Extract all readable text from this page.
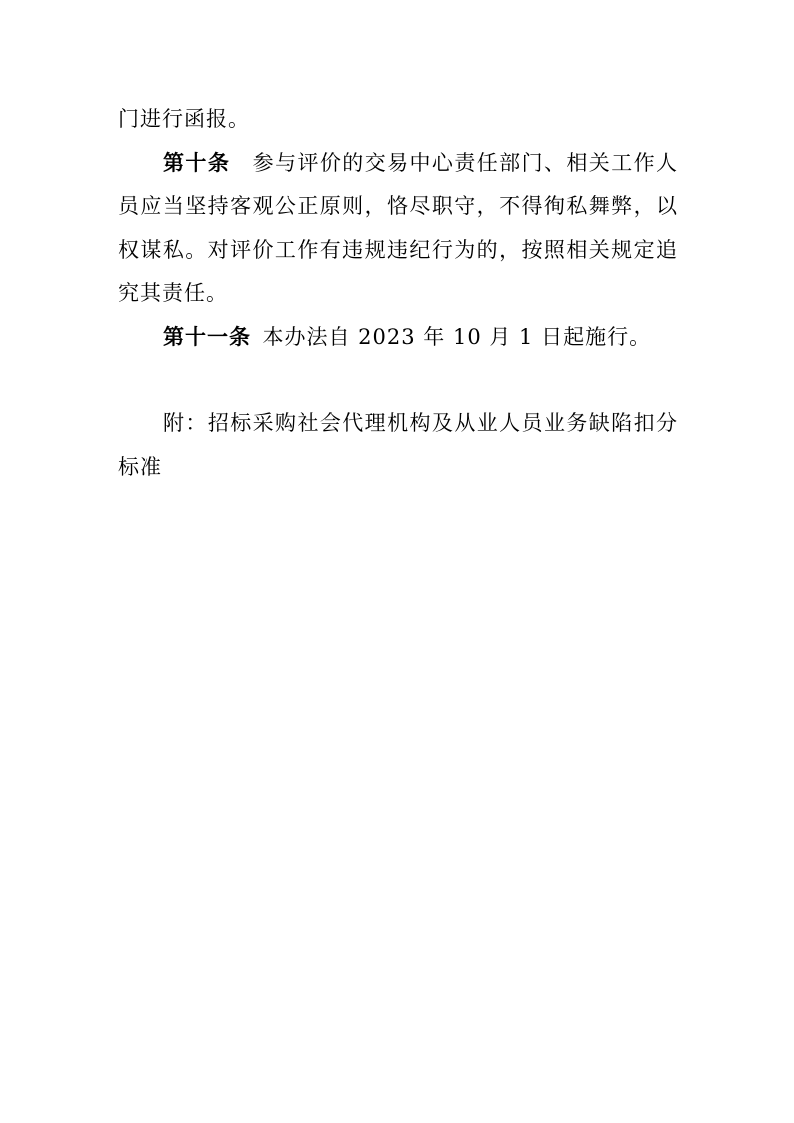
门进行函报。

第十条　 参与评价的交易中心责任部门、相关工作人员应当坚持客观公正原则，恪尽职守，不得徇私舞弊，以权谋私。对评价工作有违规违纪行为的，按照相关规定追究其责任。

第十一条  本办法自 2023 年 10 月 1 日起施行。

附：招标采购社会代理机构及从业人员业务缺陷扣分标准
